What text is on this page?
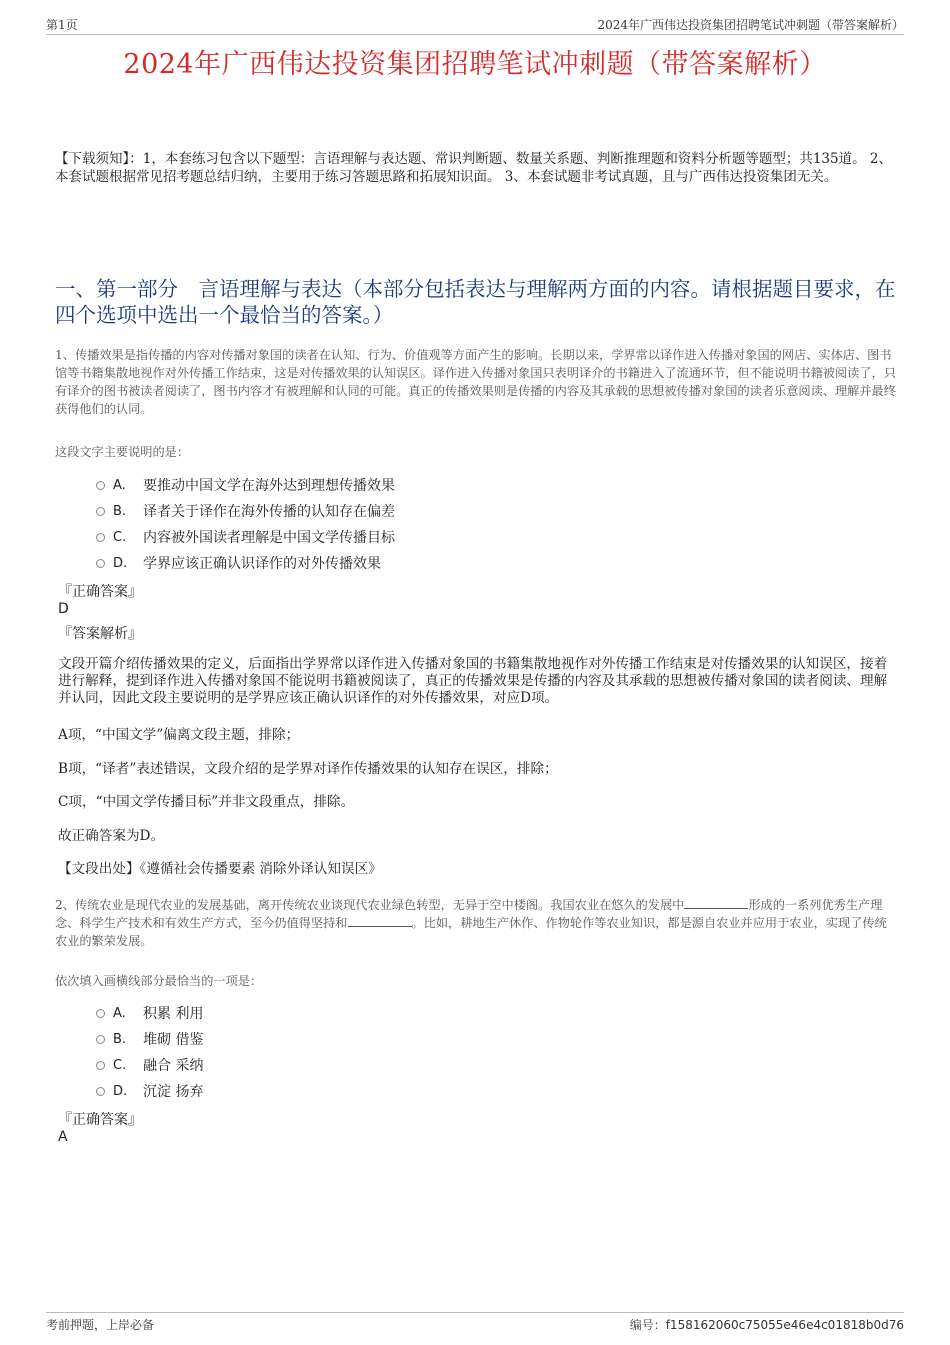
第1页	2024年广西伟达投资集团招聘笔试冲刺题（带答案解析）
2024年广西伟达投资集团招聘笔试冲刺题（带答案解析）
【下载须知】：1，本套练习包含以下题型：言语理解与表达题、常识判断题、数量关系题、判断推理题和资料分析题等题型；共135道。 2、本套试题根据常见招考题总结归纳，主要用于练习答题思路和拓展知识面。 3、本套试题非考试真题，且与广西伟达投资集团无关。
一、第一部分　言语理解与表达（本部分包括表达与理解两方面的内容。请根据题目要求，在四个选项中选出一个最恰当的答案。）
1、传播效果是指传播的内容对传播对象国的读者在认知、行为、价值观等方面产生的影响。长期以来，学界常以译作进入传播对象国的网店、实体店、图书馆等书籍集散地视作对外传播工作结束，这是对传播效果的认知误区。译作进入传播对象国只表明译介的书籍进入了流通环节，但不能说明书籍被阅读了，只有译介的图书被读者阅读了，图书内容才有被理解和认同的可能。真正的传播效果则是传播的内容及其承载的思想被传播对象国的读者乐意阅读、理解并最终获得他们的认同。
这段文字主要说明的是：
A.	要推动中国文学在海外达到理想传播效果
B.	译者关于译作在海外传播的认知存在偏差
C.	内容被外国读者理解是中国文学传播目标
D.	学界应该正确认识译作的对外传播效果
『正确答案』
D
『答案解析』
文段开篇介绍传播效果的定义，后面指出学界常以译作进入传播对象国的书籍集散地视作对外传播工作结束是对传播效果的认知误区，接着进行解释，提到译作进入传播对象国不能说明书籍被阅读了，真正的传播效果是传播的内容及其承载的思想被传播对象国的读者阅读、理解并认同，因此文段主要说明的是学界应该正确认识译作的对外传播效果，对应D项。
A项，“中国文学”偏离文段主题，排除；
B项，“译者”表述错误，文段介绍的是学界对译作传播效果的认知存在误区，排除；
C项，“中国文学传播目标”并非文段重点，排除。
故正确答案为D。
【文段出处】《遵循社会传播要素 消除外译认知误区》
2、传统农业是现代农业的发展基础，离开传统农业谈现代农业绿色转型，无异于空中楼阁。我国农业在悠久的发展中	形成的一系列优秀生产理念、科学生产技术和有效生产方式，至今仍值得坚持和	。比如，耕地生产休作、作物轮作等农业知识，都是源自农业并应用于农业，实现了传统农业的繁荣发展。
依次填入画横线部分最恰当的一项是：
A.	积累 利用
B.	堆砌 借鉴
C.	融合 采纳
D.	沉淀 扬弃
『正确答案』
A
考前押题，上岸必备	编号：f158162060c75055e46e4c01818b0d76
